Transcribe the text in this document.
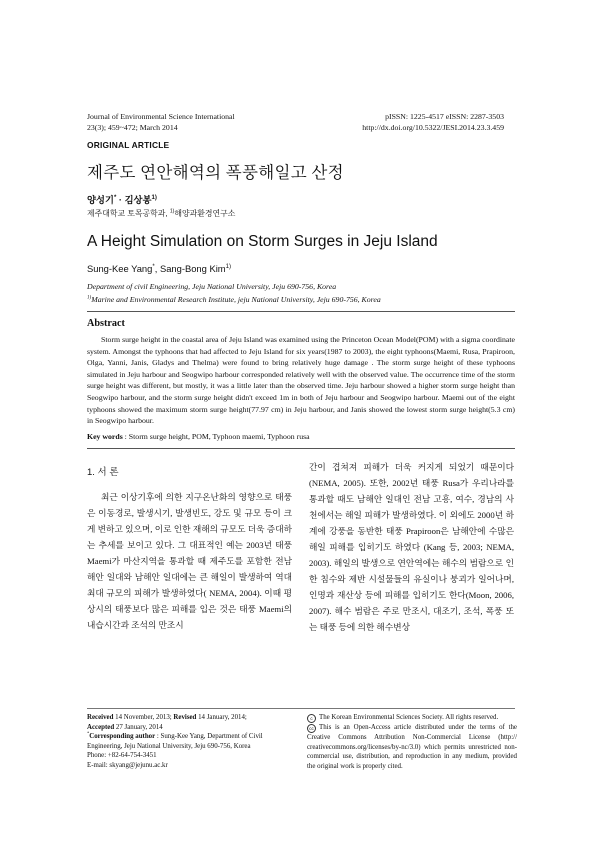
Journal of Environmental Science International
23(3); 459~472; March 2014
pISSN: 1225-4517 eISSN: 2287-3503
http://dx.doi.org/10.5322/JESI.2014.23.3.459
ORIGINAL ARTICLE
제주도 연안해역의 폭풍해일고 산정
양성기* · 김상봉$^{1)}$
제주대학교 토목공학과, $^{1)}$해양과환경연구소
A Height Simulation on Storm Surges in Jeju Island
Sung-Kee Yang*, Sang-Bong Kim$^{1)}$
Department of civil Engineering, Jeju National University, Jeju 690-756, Korea
$^{1)}$Marine and Environmental Research Institute, jeju National University, Jeju 690-756, Korea
Abstract
Storm surge height in the coastal area of Jeju Island was examined using the Princeton Ocean Model(POM) with a sigma coordinate system. Amongst the typhoons that had affected to Jeju Island for six years(1987 to 2003), the eight typhoons(Maemi, Rusa, Prapiroon, Olga, Yanni, Janis, Gladys and Thelma) were found to bring relatively huge damage . The storm surge height of these typhoons simulated in Jeju harbour and Seogwipo harbour corresponded relatively well with the observed value. The occurrence time of the storm surge height was different, but mostly, it was a little later than the observed time. Jeju harbour showed a higher storm surge height than Seogwipo harbour, and the storm surge height didn't exceed 1m in both of Jeju harbour and Seogwipo harbour. Maemi out of the eight typhoons showed the maximum storm surge height(77.97 cm) in Jeju harbour, and Janis showed the lowest storm surge height(5.3 cm) in Seogwipo harbour.
Key words : Storm surge height, POM, Typhoon maemi, Typhoon rusa
1. 서 론
최근 이상기후에 의한 지구온난화의 영향으로 태풍은 이동경로, 발생시기, 발생빈도, 강도 및 규모 등이 크게 변하고 있으며, 이로 인한 재해의 규모도 더욱 증대하는 추세를 보이고 있다. 그 대표적인 예는 2003년 태풍 Maemi가 마산지역을 통과할 때 제주도를 포함한 전남 해안 일대와 남해안 일대에는 큰 해일이 발생하여 역대 최대 규모의 피해가 발생하였다( NEMA, 2004). 이때 평상시의 태풍보다 많은 피해를 입은 것은 태풍 Maemi의 내습시간과 조석의 만조시
간이 겹쳐져 피해가 더욱 커지게 되었기 때문이다 (NEMA, 2005). 또한, 2002년 태풍 Rusa가 우리나라를 통과할 때도 남해안 일대인 전남 고흥, 여수, 경남의 사천에서는 해일 피해가 발생하였다. 이 외에도 2000년 하계에 강풍을 동반한 태풍 Prapiroon은 남해안에 수많은 해일 피해를 입히기도 하였다 (Kang 등, 2003; NEMA, 2003). 해일의 발생으로 연안역에는 해수의 범람으로 인한 침수와 제반 시설물들의 유실이나 붕괴가 일어나며, 인명과 재산상 등에 피해를 입히기도 한다(Moon, 2006, 2007). 해수 범람은 주로 만조시, 대조기, 조석, 폭풍 또는 태풍 등에 의한 해수변상
Received 14 November, 2013; Revised 14 January, 2014;
Accepted 27 January, 2014
*Corresponding author : Sung-Kee Yang, Department of Civil Engineering, Jeju National University, Jeju 690-756, Korea
Phone: +82-64-754-3451
E-mail: skyang@jejunu.ac.kr
c The Korean Environmental Sciences Society. All rights reserved.
cc This is an Open-Access article distributed under the terms of the Creative Commons Attribution Non-Commercial License (http:// creativecommons.org/licenses/by-nc/3.0) which permits unrestricted non-commercial use, distribution, and reproduction in any medium, provided the original work is properly cited.
